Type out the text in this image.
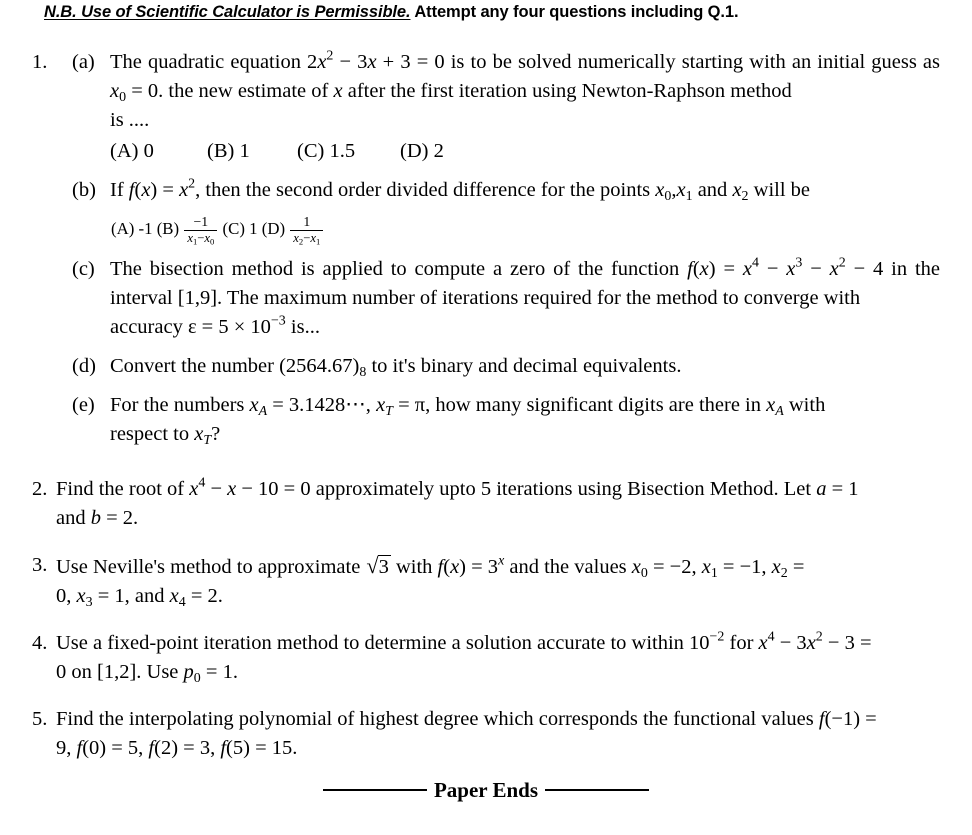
N.B. Use of Scientific Calculator is Permissible. Attempt any four questions including Q.1.
1.	(a) The quadratic equation $2x^2 - 3x + 3 = 0$ is to be solved numerically starting with an initial guess as $x_0 = 0$. the new estimate of x after the first iteration using Newton-Raphson method
is ....
(A) 0	(B) 1	(C) 1.5	(D) 2
(b) If $f(x) = x^2$, then the second order divided difference for the points $x_0,x_1$ and $x_2$ will be
(A) -1 $(B) \frac{-1}{x_1-x_0} (C)$ 1 $(D) \frac{1}{x_2-x_1}$
(c) The bisection method is applied to compute a zero of the function $f(x) = x^4 - x^3 - x^2 - 4$ in the interval [1,9]. The maximum number of iterations required for the method to converge with
accuracy $\varepsilon = 5 \times 10^{-3}$ is...
(d) Convert the number $(2564.67)_8$ to it's binary and decimal equivalents.
(e) For the numbers $x_A$ = 3.1428⋯, $x_T = \pi$, how many significant digits are there in $x_A$ with
respect to $x_T$?
2. Find the root of $x^4 - x - 10 = 0$ approximately upto 5 iterations using Bisection Method. Let a = 1
and b = 2.
3. Use Neville's method to approximate √3 with $f(x) = 3^x$ and the values $x_0 = -2$, $x_1 = -1$, $x_2$ =
0, $x_3 = 1$, and $x_4 = 2$.
4. Use a fixed-point iteration method to determine a solution accurate to within $10^{-2}$ for $x^4 - 3x^2 - 3$ =
0 on [1,2]. Use $p_0 = 1$.
5. Find the interpolating polynomial of highest degree which corresponds the functional values f(−1) =
9, f(0) = 5, f(2) = 3, f(5) = 15.
Paper Ends
